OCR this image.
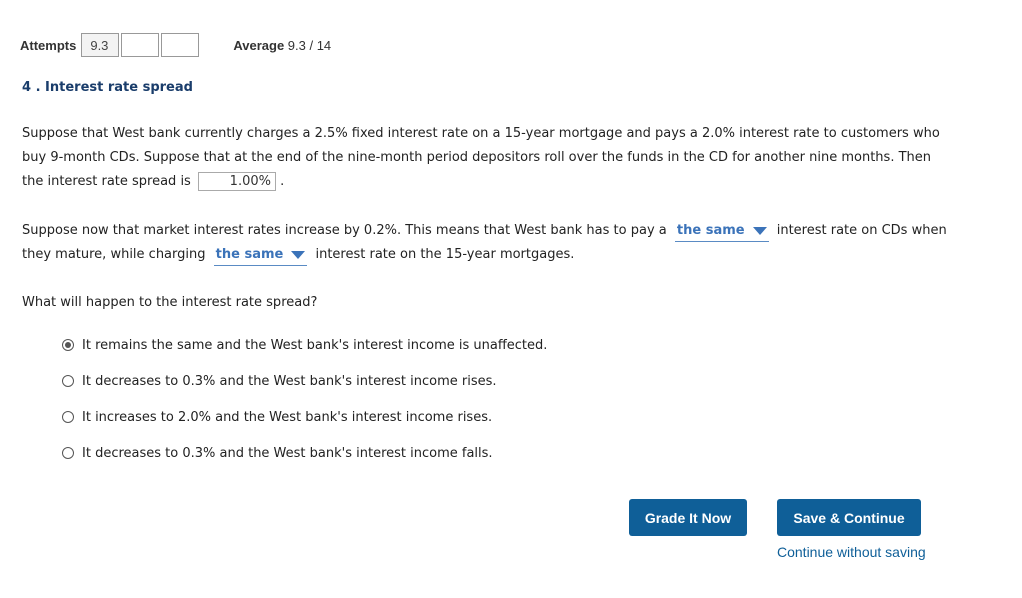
Attempts	9.3	Average 9.3 / 14
4 . Interest rate spread
Suppose that West bank currently charges a 2.5% fixed interest rate on a 15-year mortgage and pays a 2.0% interest rate to customers who buy 9-month CDs. Suppose that at the end of the nine-month period depositors roll over the funds in the CD for another nine months. Then the interest rate spread is	1.00% .
Suppose now that market interest rates increase by 0.2%. This means that West bank has to pay a the same interest rate on CDs when they mature, while charging the same interest rate on the 15-year mortgages.
What will happen to the interest rate spread?
It remains the same and the West bank's interest income is unaffected.
It decreases to 0.3% and the West bank's interest income rises.
It increases to 2.0% and the West bank's interest income rises.
It decreases to 0.3% and the West bank's interest income falls.
Grade It Now	Save & Continue
Continue without saving
